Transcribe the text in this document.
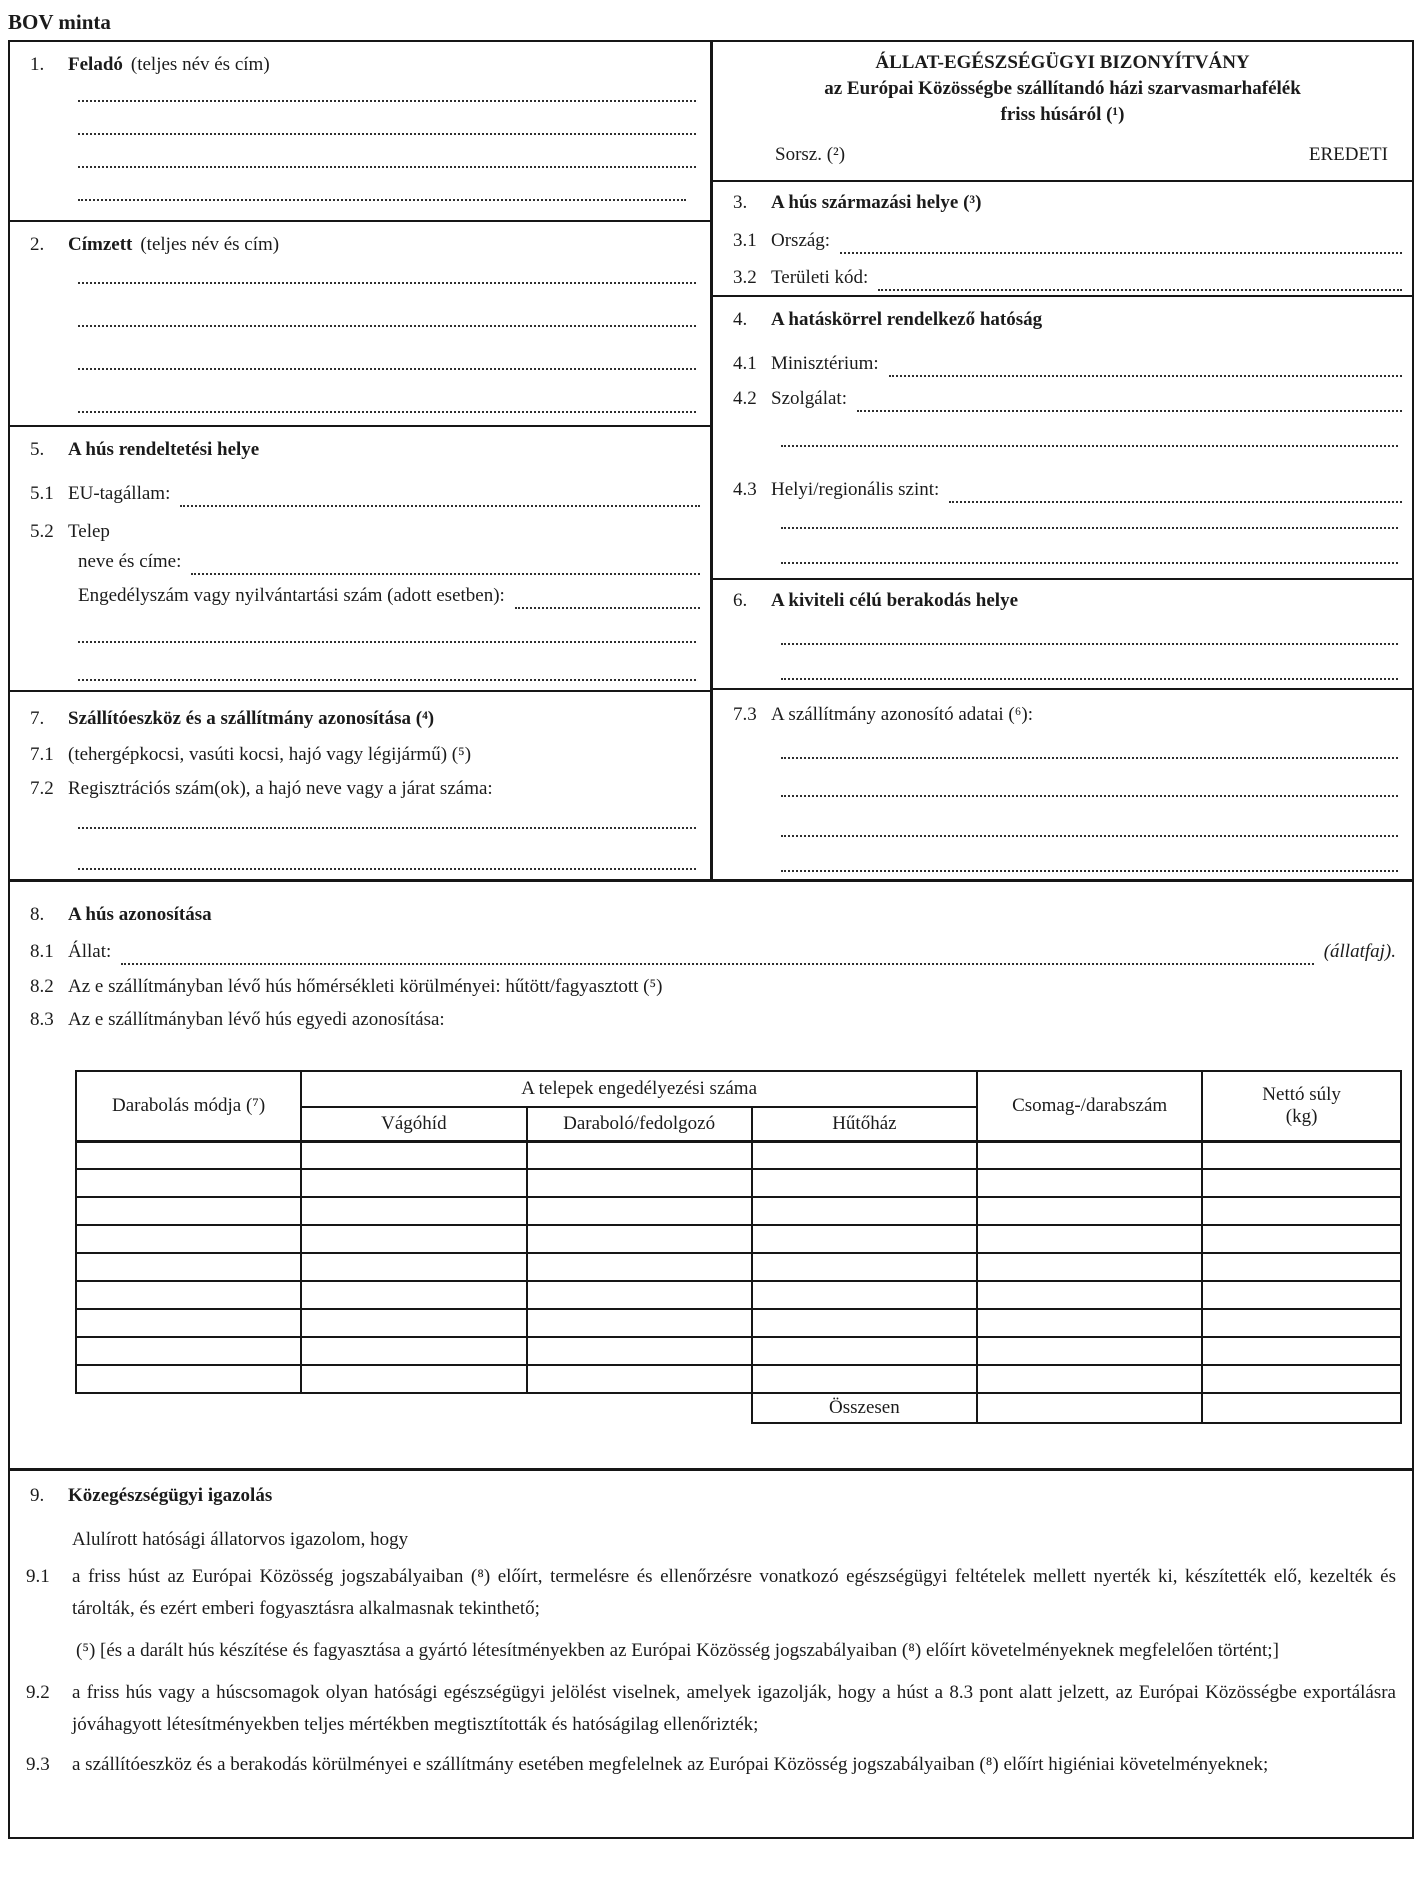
BOV minta
1.	Feladó (teljes név és cím)
2.	Címzett (teljes név és cím)
5.	A hús rendeltetési helye
5.1 EU-tagállam:
5.2 Telep
neve és címe:
Engedélyszám vagy nyilvántartási szám (adott esetben):
7.	Szállítóeszköz és a szállítmány azonosítása (⁴)
7.1 (tehergépkocsi, vasúti kocsi, hajó vagy légijármű) (⁵)
7.2 Regisztrációs szám(ok), a hajó neve vagy a járat száma:
ÁLLAT-EGÉSZSÉGÜGYI BIZONYÍTVÁNY
az Európai Közösségbe szállítandó házi szarvasmarhafélék
friss húsáról (¹)
Sorsz. (²)	EREDETI
3.	A hús származási helye (³)
3.1 Ország:
3.2 Területi kód:
4.	A hatáskörrel rendelkező hatóság
4.1 Minisztérium:
4.2 Szolgálat:
4.3 Helyi/regionális szint:
6.	A kiviteli célú berakodás helye
7.3 A szállítmány azonosító adatai (⁶):
8.	A hús azonosítása
8.1 Állat:	(állatfaj).
8.2 Az e szállítmányban lévő hús hőmérsékleti körülményei: hűtött/fagyasztott (⁵)
8.3 Az e szállítmányban lévő hús egyedi azonosítása:
Darabolás módja (⁷)	A telepek engedélyezési száma			Csomag-/darabszám	Nettó súly
(kg)

	Vágóhíd	Daraboló/fedolgozó	Hűtőház		

			Összesen		
9.	Közegészségügyi igazolás
Alulírott hatósági állatorvos igazolom, hogy
9.1	a friss húst az Európai Közösség jogszabályaiban (⁸) előírt, termelésre és ellenőrzésre vonatkozó egészségügyi feltételek mellett nyerték ki, készítették elő, kezelték és tárolták, és ezért emberi fogyasztásra alkalmasnak tekinthető;
(⁵) [és a darált hús készítése és fagyasztása a gyártó létesítményekben az Európai Közösség jogszabályaiban (⁸) előírt követelményeknek megfelelően történt;]
9.2	a friss hús vagy a húscsomagok olyan hatósági egészségügyi jelölést viselnek, amelyek igazolják, hogy a húst a 8.3 pont alatt jelzett, az Európai Közösségbe exportálásra jóváhagyott létesítményekben teljes mértékben megtisztították és hatóságilag ellenőrizték;
9.3	a szállítóeszköz és a berakodás körülményei e szállítmány esetében megfelelnek az Európai Közösség jogszabályaiban (⁸) előírt higiéniai követelményeknek;
